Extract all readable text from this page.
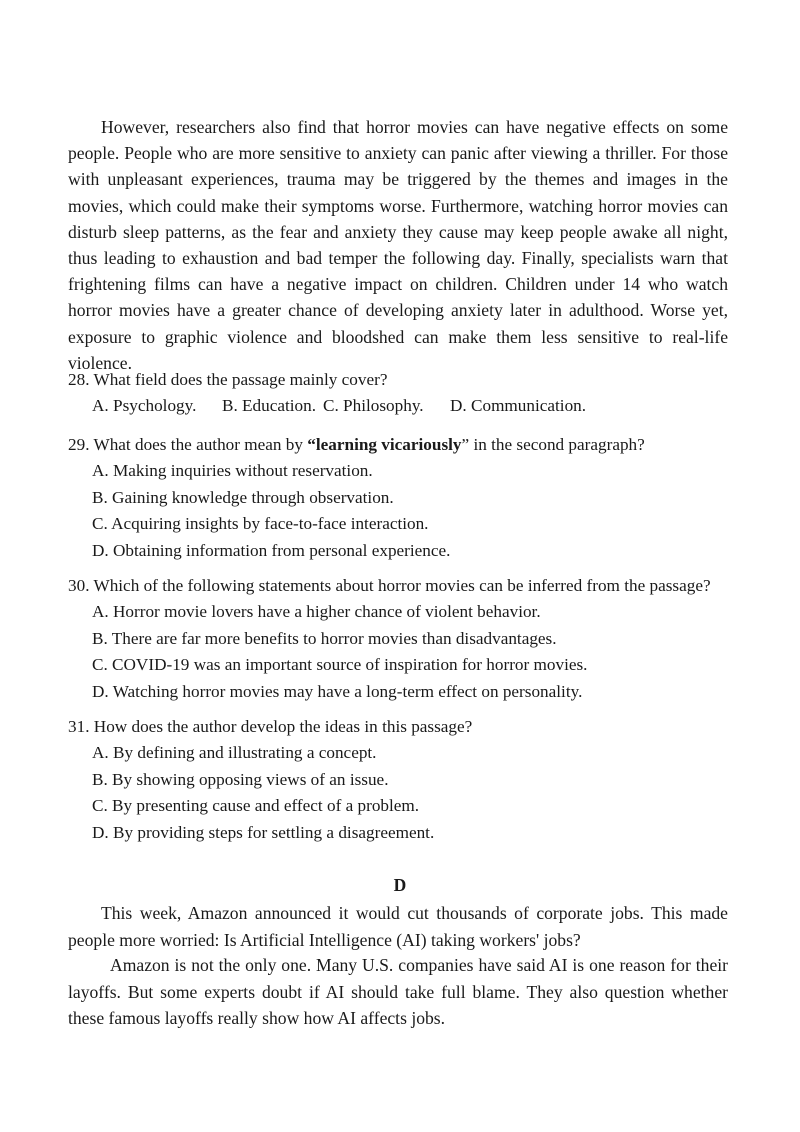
However, researchers also find that horror movies can have negative effects on some people. People who are more sensitive to anxiety can panic after viewing a thriller. For those with unpleasant experiences, trauma may be triggered by the themes and images in the movies, which could make their symptoms worse. Furthermore, watching horror movies can disturb sleep patterns, as the fear and anxiety they cause may keep people awake all night, thus leading to exhaustion and bad temper the following day. Finally, specialists warn that frightening films can have a negative impact on children. Children under 14 who watch horror movies have a greater chance of developing anxiety later in adulthood. Worse yet, exposure to graphic violence and bloodshed can make them less sensitive to real-life violence.

28. What field does the passage mainly cover?
A. Psychology. B. Education. C. Philosophy. D. Communication.
29. What does the author mean by “learning vicariously” in the second paragraph?
A. Making inquiries without reservation.
B. Gaining knowledge through observation.
C. Acquiring insights by face-to-face interaction.
D. Obtaining information from personal experience.
30. Which of the following statements about horror movies can be inferred from the passage?
A. Horror movie lovers have a higher chance of violent behavior.
B. There are far more benefits to horror movies than disadvantages.
C. COVID-19 was an important source of inspiration for horror movies.
D. Watching horror movies may have a long-term effect on personality.
31. How does the author develop the ideas in this passage?
A. By defining and illustrating a concept.
B. By showing opposing views of an issue.
C. By presenting cause and effect of a problem.
D. By providing steps for settling a disagreement.
D

This week, Amazon announced it would cut thousands of corporate jobs. This made people more worried: Is Artificial Intelligence (AI) taking workers' jobs?

Amazon is not the only one. Many U.S. companies have said AI is one reason for their layoffs. But some experts doubt if AI should take full blame. They also question whether these famous layoffs really show how AI affects jobs.
